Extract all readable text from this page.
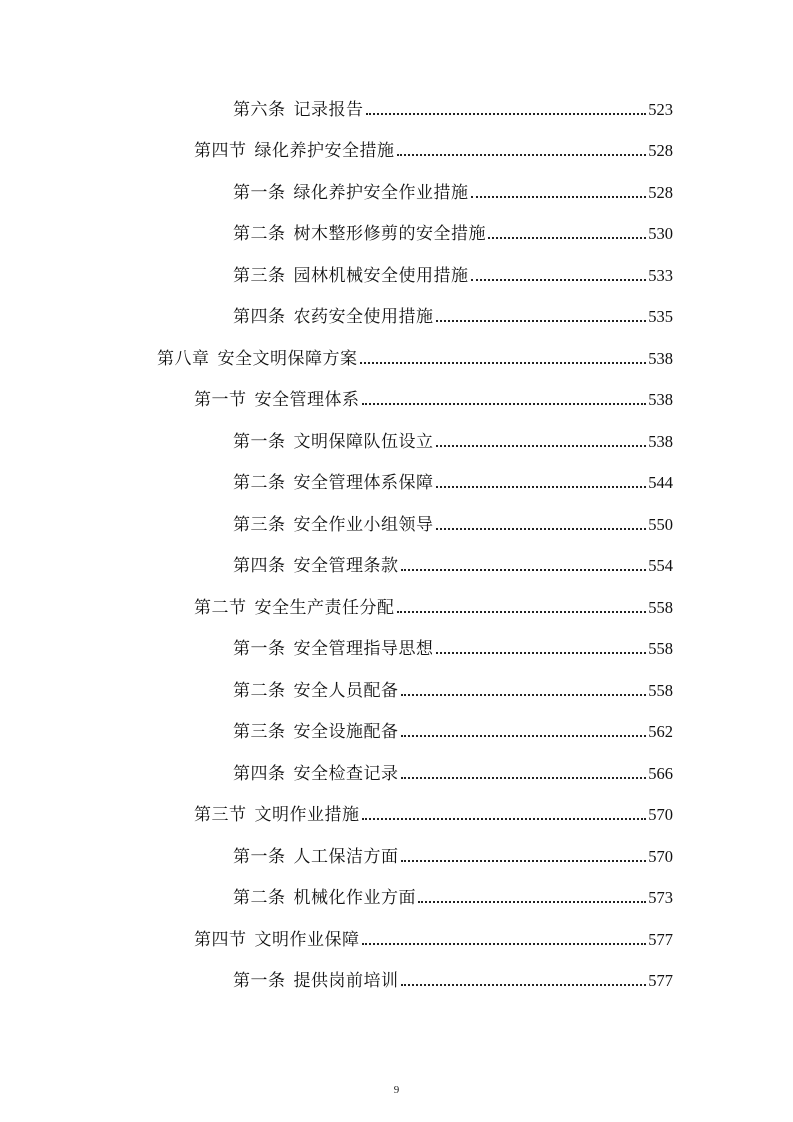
第六条 记录报告	523
第四节 绿化养护安全措施	528
第一条 绿化养护安全作业措施	528
第二条 树木整形修剪的安全措施	530
第三条 园林机械安全使用措施	533
第四条 农药安全使用措施	535
第八章 安全文明保障方案	538
第一节 安全管理体系	538
第一条 文明保障队伍设立	538
第二条 安全管理体系保障	544
第三条 安全作业小组领导	550
第四条 安全管理条款	554
第二节 安全生产责任分配	558
第一条 安全管理指导思想	558
第二条 安全人员配备	558
第三条 安全设施配备	562
第四条 安全检查记录	566
第三节 文明作业措施	570
第一条 人工保洁方面	570
第二条 机械化作业方面	573
第四节 文明作业保障	577
第一条 提供岗前培训	577
9
